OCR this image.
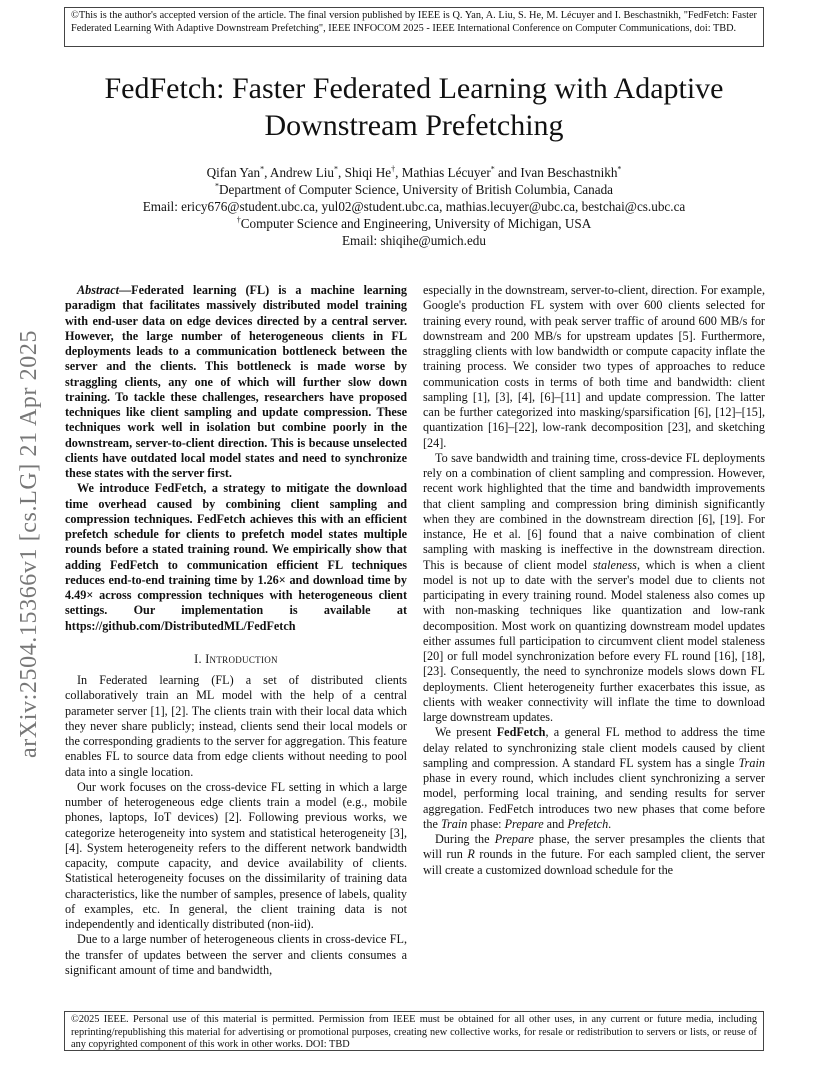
©This is the author's accepted version of the article. The final version published by IEEE is Q. Yan, A. Liu, S. He, M. Lécuyer and I. Beschastnikh, "FedFetch: Faster Federated Learning With Adaptive Downstream Prefetching", IEEE INFOCOM 2025 - IEEE International Conference on Computer Communications, doi: TBD.
FedFetch: Faster Federated Learning with Adaptive Downstream Prefetching
Qifan Yan*, Andrew Liu*, Shiqi He†, Mathias Lécuyer* and Ivan Beschastnikh*
*Department of Computer Science, University of British Columbia, Canada
Email: ericy676@student.ubc.ca, yul02@student.ubc.ca, mathias.lecuyer@ubc.ca, bestchai@cs.ubc.ca
†Computer Science and Engineering, University of Michigan, USA
Email: shiqihe@umich.edu
arXiv:2504.15366v1 [cs.LG] 21 Apr 2025

Abstract—Federated learning (FL) is a machine learning paradigm that facilitates massively distributed model training with end-user data on edge devices directed by a central server. However, the large number of heterogeneous clients in FL deployments leads to a communication bottleneck between the server and the clients. This bottleneck is made worse by straggling clients, any one of which will further slow down training. To tackle these challenges, researchers have proposed techniques like client sampling and update compression. These techniques work well in isolation but combine poorly in the downstream, server-to-client direction. This is because unselected clients have outdated local model states and need to synchronize these states with the server first.

We introduce FedFetch, a strategy to mitigate the download time overhead caused by combining client sampling and compression techniques. FedFetch achieves this with an efficient prefetch schedule for clients to prefetch model states multiple rounds before a stated training round. We empirically show that adding FedFetch to communication efficient FL techniques reduces end-to-end training time by 1.26× and download time by 4.49× across compression techniques with heterogeneous client settings. Our implementation is available at https://github.com/DistributedML/FedFetch

I. Introduction

In Federated learning (FL) a set of distributed clients collaboratively train an ML model with the help of a central parameter server [1], [2]. The clients train with their local data which they never share publicly; instead, clients send their local models or the corresponding gradients to the server for aggregation. This feature enables FL to source data from edge clients without needing to pool data into a single location.

Our work focuses on the cross-device FL setting in which a large number of heterogeneous edge clients train a model (e.g., mobile phones, laptops, IoT devices) [2]. Following previous works, we categorize heterogeneity into system and statistical heterogeneity [3], [4]. System heterogeneity refers to the different network bandwidth capacity, compute capacity, and device availability of clients. Statistical heterogeneity focuses on the dissimilarity of training data characteristics, like the number of samples, presence of labels, quality of examples, etc. In general, the client training data is not independently and identically distributed (non-iid).

Due to a large number of heterogeneous clients in cross-device FL, the transfer of updates between the server and clients consumes a significant amount of time and bandwidth,

especially in the downstream, server-to-client, direction. For example, Google's production FL system with over 600 clients selected for training every round, with peak server traffic of around 600 MB/s for downstream and 200 MB/s for upstream updates [5]. Furthermore, straggling clients with low bandwidth or compute capacity inflate the training process. We consider two types of approaches to reduce communication costs in terms of both time and bandwidth: client sampling [1], [3], [4], [6]–[11] and update compression. The latter can be further categorized into masking/sparsification [6], [12]–[15], quantization [16]–[22], low-rank decomposition [23], and sketching [24].

To save bandwidth and training time, cross-device FL deployments rely on a combination of client sampling and compression. However, recent work highlighted that the time and bandwidth improvements that client sampling and compression bring diminish significantly when they are combined in the downstream direction [6], [19]. For instance, He et al. [6] found that a naive combination of client sampling with masking is ineffective in the downstream direction. This is because of client model staleness, which is when a client model is not up to date with the server's model due to clients not participating in every training round. Model staleness also comes up with non-masking techniques like quantization and low-rank decomposition. Most work on quantizing downstream model updates either assumes full participation to circumvent client model staleness [20] or full model synchronization before every FL round [16], [18], [23]. Consequently, the need to synchronize models slows down FL deployments. Client heterogeneity further exacerbates this issue, as clients with weaker connectivity will inflate the time to download large downstream updates.

We present FedFetch, a general FL method to address the time delay related to synchronizing stale client models caused by client sampling and compression. A standard FL system has a single Train phase in every round, which includes client synchronizing a server model, performing local training, and sending results for server aggregation. FedFetch introduces two new phases that come before the Train phase: Prepare and Prefetch.

During the Prepare phase, the server presamples the clients that will run R rounds in the future. For each sampled client, the server will create a customized download schedule for the

©2025 IEEE. Personal use of this material is permitted. Permission from IEEE must be obtained for all other uses, in any current or future media, including reprinting/republishing this material for advertising or promotional purposes, creating new collective works, for resale or redistribution to servers or lists, or reuse of any copyrighted component of this work in other works. DOI: TBD
